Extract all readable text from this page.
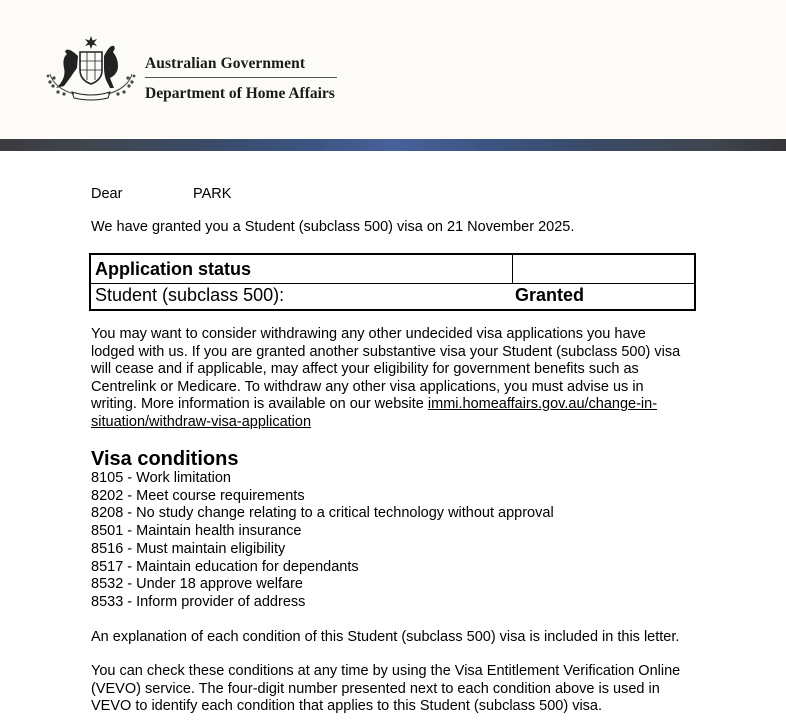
Australian Government
Department of Home Affairs
Dear	PARK
We have granted you a Student (subclass 500) visa on 21 November 2025.
Application status
Student (subclass 500):	Granted
You may want to consider withdrawing any other undecided visa applications you have lodged with us. If you are granted another substantive visa your Student (subclass 500) visa will cease and if applicable, may affect your eligibility for government benefits such as Centrelink or Medicare. To withdraw any other visa applications, you must advise us in writing. More information is available on our website immi.homeaffairs.gov.au/change-in-situation/withdraw-visa-application
Visa conditions
8105 - Work limitation
8202 - Meet course requirements
8208 - No study change relating to a critical technology without approval
8501 - Maintain health insurance
8516 - Must maintain eligibility
8517 - Maintain education for dependants
8532 - Under 18 approve welfare
8533 - Inform provider of address
An explanation of each condition of this Student (subclass 500) visa is included in this letter.
You can check these conditions at any time by using the Visa Entitlement Verification Online (VEVO) service. The four-digit number presented next to each condition above is used in VEVO to identify each condition that applies to this Student (subclass 500) visa.
